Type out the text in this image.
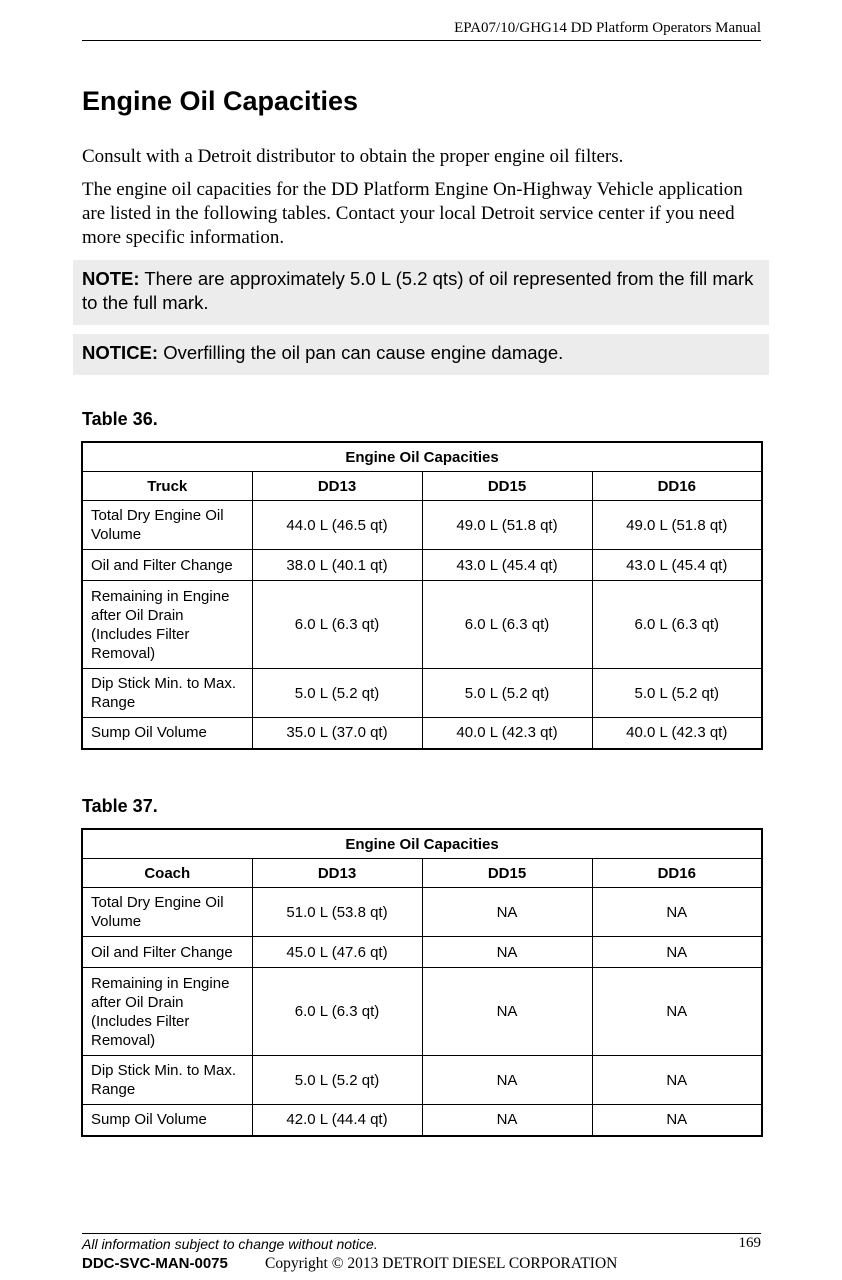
EPA07/10/GHG14 DD Platform Operators Manual
Engine Oil Capacities
Consult with a Detroit distributor to obtain the proper engine oil filters.
The engine oil capacities for the DD Platform Engine On-Highway Vehicle application are listed in the following tables. Contact your local Detroit service center if you need more specific information.
NOTE: There are approximately 5.0 L (5.2 qts) of oil represented from the fill mark to the full mark.
NOTICE: Overfilling the oil pan can cause engine damage.
Table 36.
Engine Oil Capacities			
Truck	DD13	DD15	DD16
Total Dry Engine Oil Volume	44.0 L (46.5 qt)	49.0 L (51.8 qt)	49.0 L (51.8 qt)
Oil and Filter Change	38.0 L (40.1 qt)	43.0 L (45.4 qt)	43.0 L (45.4 qt)
Remaining in Engine after Oil Drain (Includes Filter Removal)	6.0 L (6.3 qt)	6.0 L (6.3 qt)	6.0 L (6.3 qt)
Dip Stick Min. to Max. Range	5.0 L (5.2 qt)	5.0 L (5.2 qt)	5.0 L (5.2 qt)
Sump Oil Volume	35.0 L (37.0 qt)	40.0 L (42.3 qt)	40.0 L (42.3 qt)
Table 37.
Engine Oil Capacities			
Coach	DD13	DD15	DD16
Total Dry Engine Oil Volume	51.0 L (53.8 qt)	NA	NA
Oil and Filter Change	45.0 L (47.6 qt)	NA	NA
Remaining in Engine after Oil Drain (Includes Filter Removal)	6.0 L (6.3 qt)	NA	NA
Dip Stick Min. to Max. Range	5.0 L (5.2 qt)	NA	NA
Sump Oil Volume	42.0 L (44.4 qt)	NA	NA
All information subject to change without notice.	169
DDC-SVC-MAN-0075 Copyright © 2013 DETROIT DIESEL CORPORATION
